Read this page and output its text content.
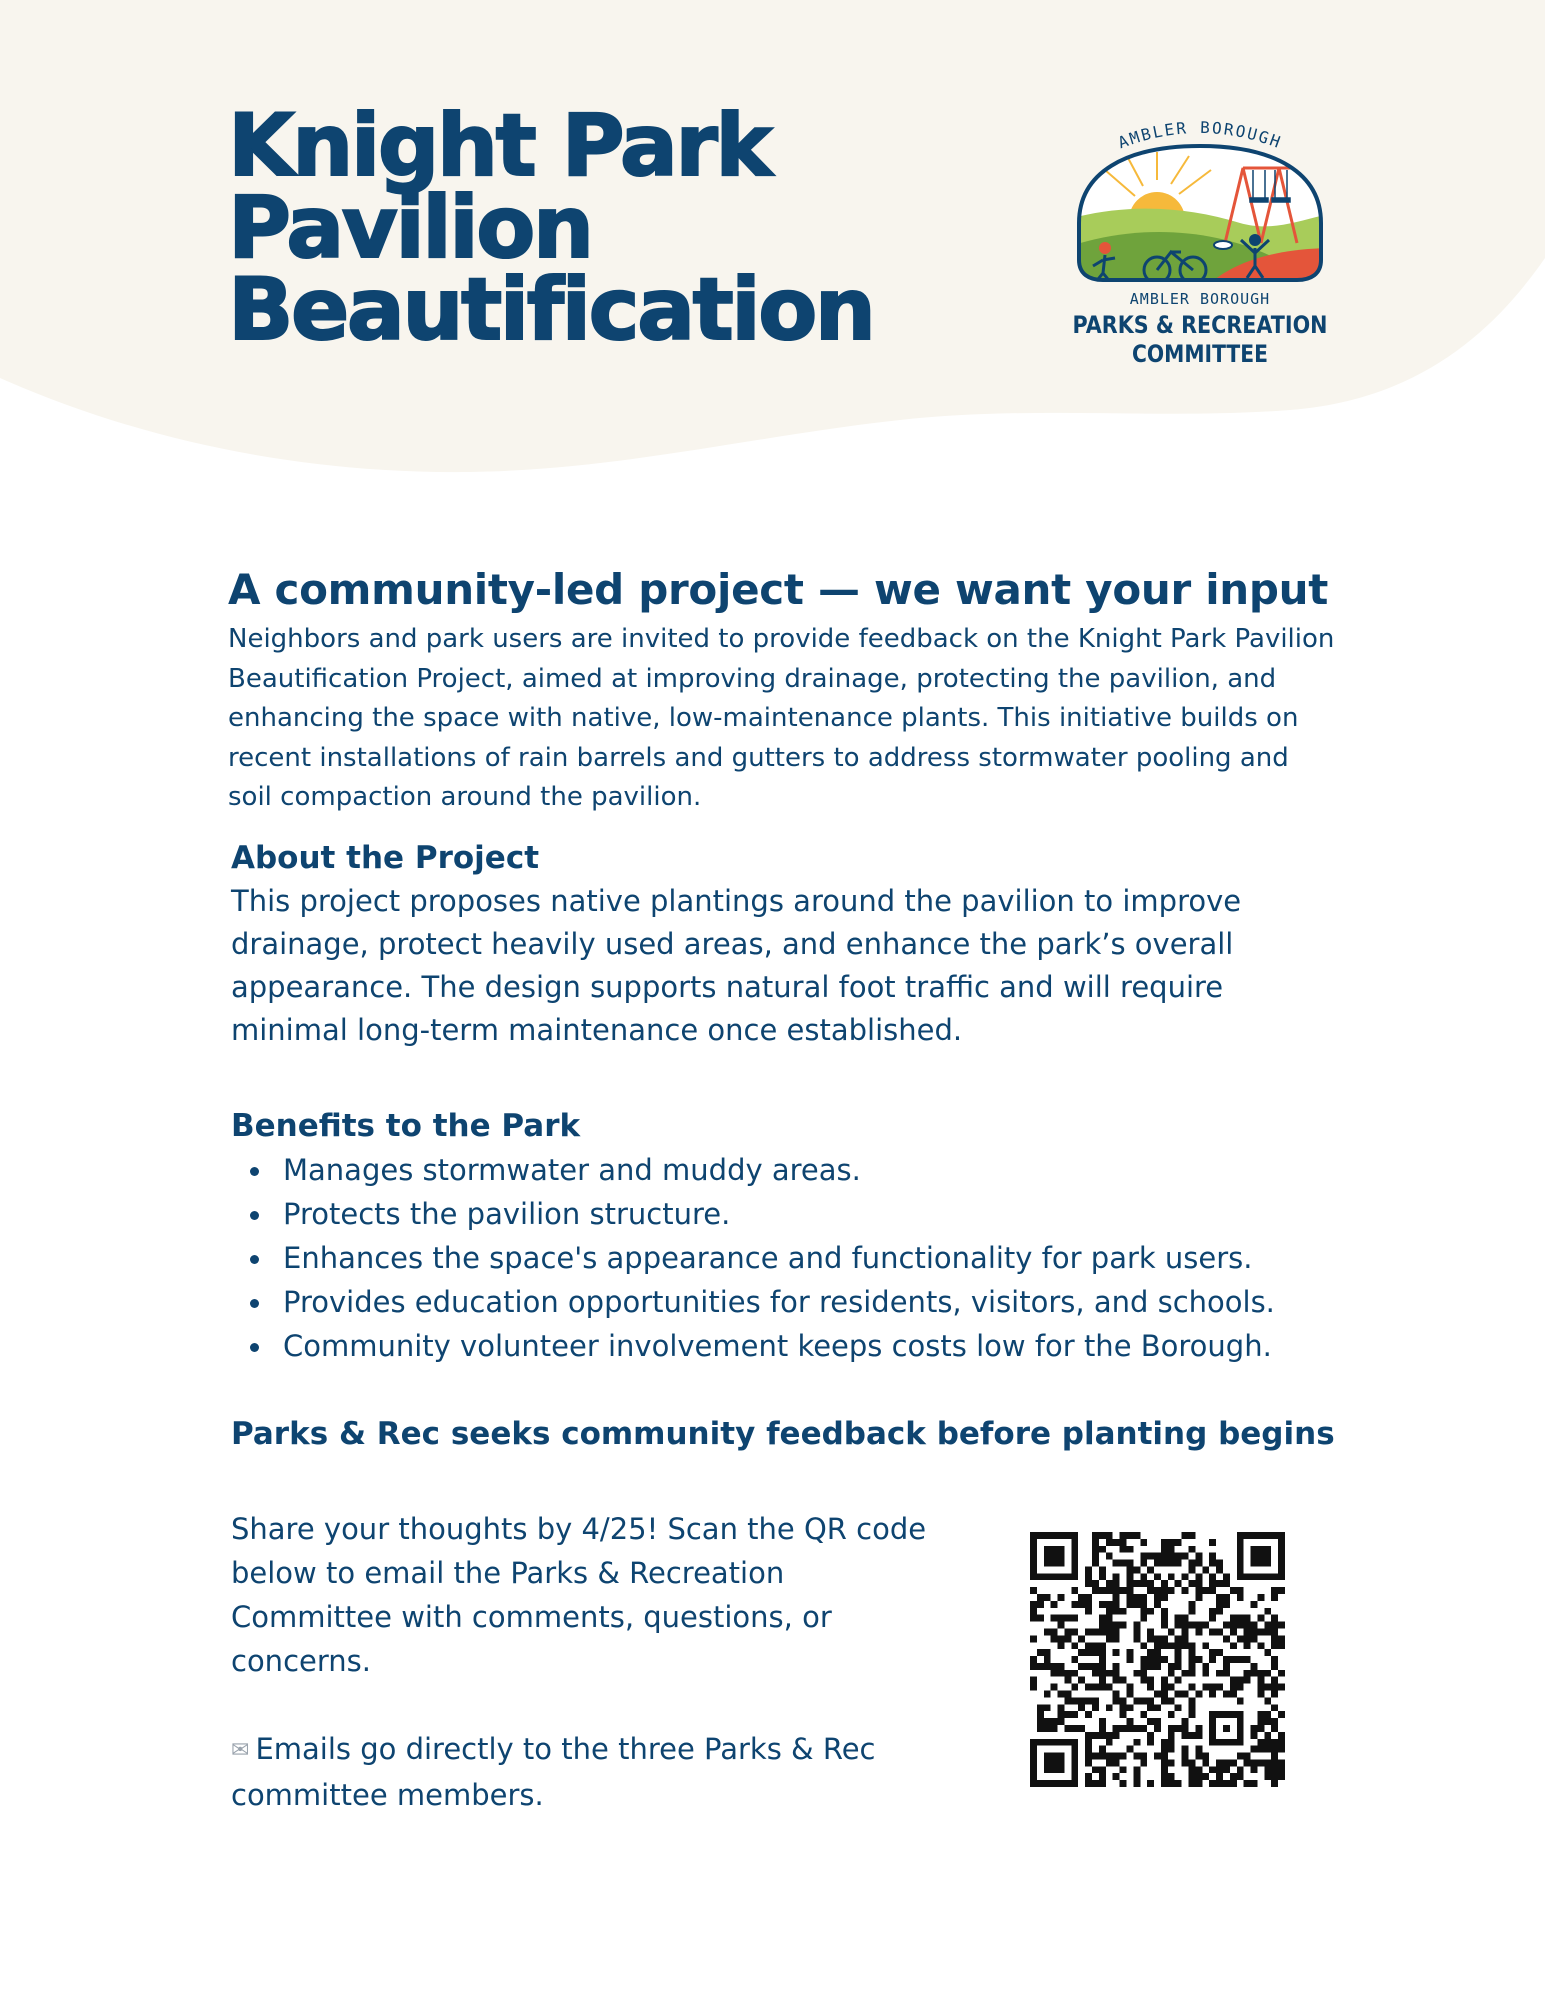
Knight Park
Pavilion
Beautification
AMBLER BOROUGH
AMBLER BOROUGH
PARKS & RECREATION
COMMITTEE
A community-led project — we want your input

Neighbors and park users are invited to provide feedback on the Knight Park Pavilion Beautification Project, aimed at improving drainage, protecting the pavilion, and enhancing the space with native, low-maintenance plants. This initiative builds on recent installations of rain barrels and gutters to address stormwater pooling and soil compaction around the pavilion.

About the Project

This project proposes native plantings around the pavilion to improve drainage, protect heavily used areas, and enhance the park’s overall appearance. The design supports natural foot traffic and will require minimal long-term maintenance once established.

Benefits to the Park
Manages stormwater and muddy areas.
Protects the pavilion structure.
Enhances the space's appearance and functionality for park users.
Provides education opportunities for residents, visitors, and schools.
Community volunteer involvement keeps costs low for the Borough.
Parks & Rec seeks community feedback before planting begins

Share your thoughts by 4/25! Scan the QR code below to email the Parks & Recreation Committee with comments, questions, or concerns.

✉ Emails go directly to the three Parks & Rec committee members.
